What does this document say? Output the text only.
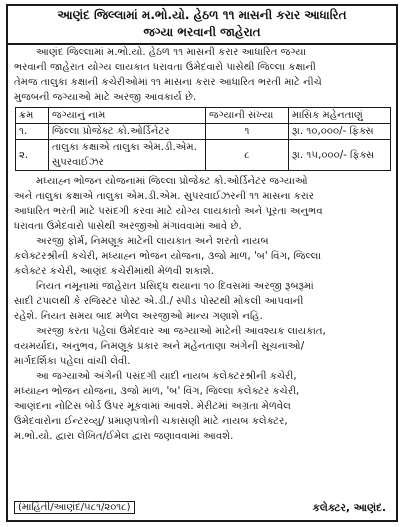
આણંદ જિલ્લામાં મ.ભો.યો. હેઠળ ૧૧ માસની કરાર આધારિત
જગ્યા ભરવાની જાહેરાત
આણંદ જિલ્લામાં મ.ભો.યો. હેઠળ ૧૧ માસની કરાર આધારિત જગ્યા
ભરવાની જાહેરાત યોગ્ય લાયકાત ધરાવતા ઉમેદવારો પાસેથી જિલ્લા કક્ષાની
તેમજ તાલુકા કક્ષાની કચેરીઓમાં ૧૧ માસના કરાર આધારિત ભરતી માટે નીચે
મુજબની જગ્યાઓ માટે અરજી આવકાર્ય છે.
ક્રમ	જગ્યાનું નામ	જગ્યાની સંખ્યા	માસિક મહેનતાણું
૧.	જિલ્લા પ્રોજેક્ટ કો.ઓર્ડિનેટર	૧	રૂા. ૧૦,૦૦૦/- ફિક્સ
૨.	તાલુકા કક્ષાએ તાલુકા એમ.ડી.એમ.
સુપરવાઈઝર	૮	રૂા. ૧૫,૦૦૦/- ફિક્સ
મધ્યાહ્‍ન ભોજન યોજનામાં જિલ્લા પ્રોજેક્ટ કો.ઓર્ડિનેટર જગ્યાઓ
અને તાલુકા કક્ષાએ તાલુકા એમ.ડી.એમ. સુપરવાઈઝરની ૧૧ માસના કરાર
આધારિત ભરતી માટે પસંદગી કરવા માટે યોગ્ય લાયકાતો અને પૂરતા અનુભવ
ધરાવતા ઉમેદવારો પાસેથી અરજીઓ મંગાવવામાં આવે છે.
અરજી ફોર્મ, નિમણૂક માટેની લાયકાત અને શરતો નાયબ
કલેક્ટરશ્રીની કચેરી, મધ્યાહ્‍ન ભોજન યોજના, ૩જો માળ, 'બ' વિંગ, જિલ્લા
કલેક્ટર કચેરી, આણંદ કચેરીમાંથી મેળવી શકાશે.
નિયત નમૂનામાં જાહેરાત પ્રસિદ્ધ થયાના ૧૦ દિવસમાં અરજી રૂબરૂમાં
સાદી ટપાલથી કે રજિસ્ટર પોસ્ટ એ.ડી./ સ્પીડ પોસ્ટથી મોકલી આપવાની
રહેશે. નિયત સમય બાદ મળેલ અરજીઓ માન્ય ગણાશે નહિ.
અરજી કરતા પહેલાં ઉમેદવાર આ જગ્યાઓ માટેની આવશ્યક લાયકાત,
વયમર્યાદા, અનુભવ, નિમણૂક પ્રકાર અને મહેનતાણા અંગેની સૂચનાઓ/
માર્ગદર્શિકા પહેલાં વાંચી લેવી.
આ જગ્યાઓ અંગેની પસંદગી યાદી નાયબ કલેક્ટરશ્રીની કચેરી,
મધ્યાહ્‍ન ભોજન યોજના, ૩જો માળ, 'બ' વિંગ, જિલ્લા કલેક્ટર કચેરી,
આણંદના નોટિસ બોર્ડ ઉપર મૂકવામાં આવશે. મેરીટમાં અગ્રતા મેળવેલ
ઉમેદવારોના ઈન્ટરવ્યુ/ પ્રમાણપત્રોની ચકાસણી માટે નાયબ કલેક્ટર,
મ.ભો.યો. દ્વારા લેખિત/ઈમેલ દ્વારા જણાવવામાં આવશે.
(માહિતી/આણંદ/૫૮૧/૨૦૧૮)	કલેક્ટર, આણંદ.
